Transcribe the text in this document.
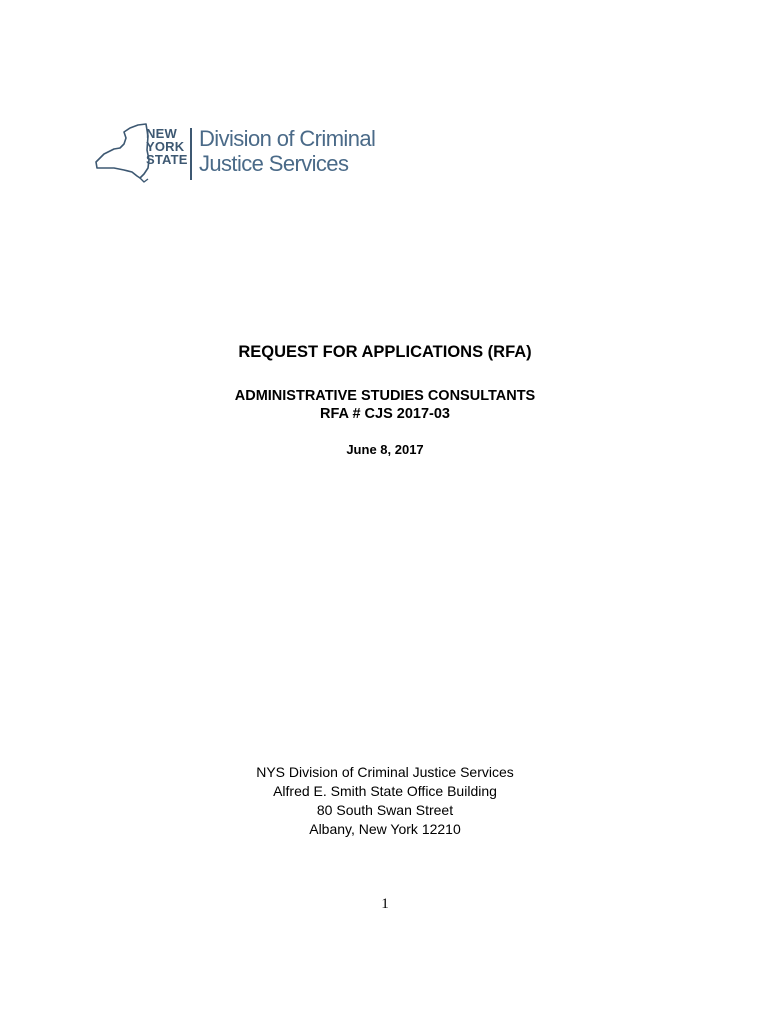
NEW
YORK
STATE
Division of Criminal
Justice Services
REQUEST FOR APPLICATIONS (RFA)
ADMINISTRATIVE STUDIES CONSULTANTS
RFA # CJS 2017-03
June 8, 2017
NYS Division of Criminal Justice Services
Alfred E. Smith State Office Building
80 South Swan Street
Albany, New York 12210
1
